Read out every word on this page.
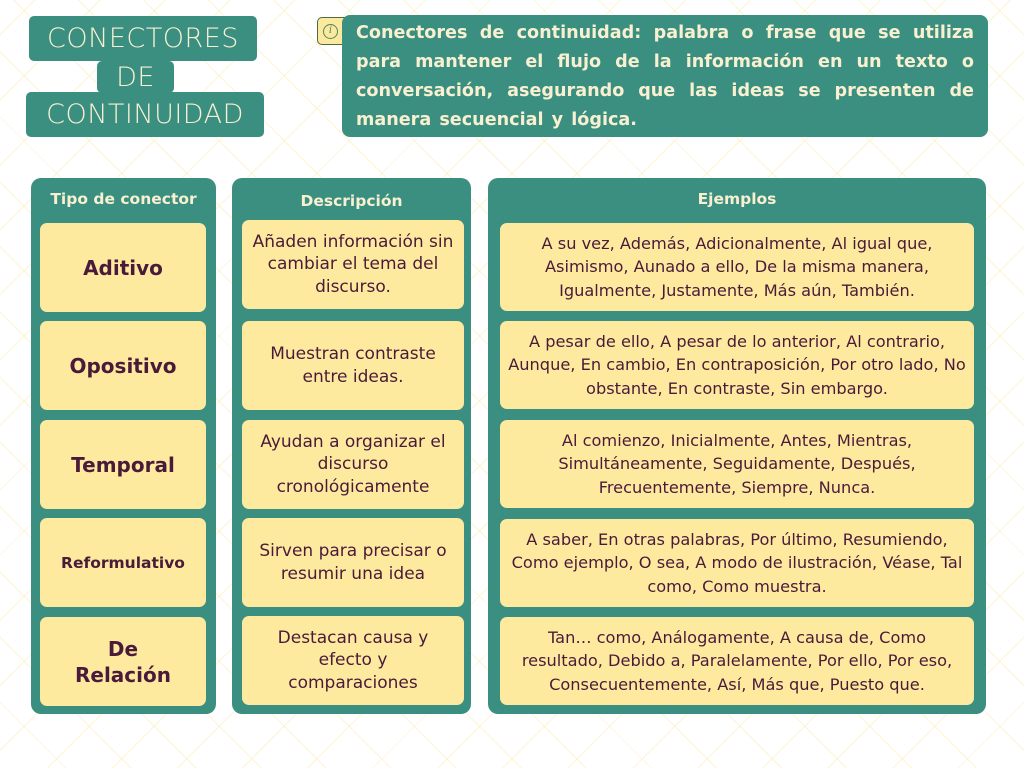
CONECTORES
DE
CONTINUIDAD
i	Conectores de continuidad: palabra o frase que se utiliza para mantener el flujo de la información en un texto o conversación, asegurando que las ideas se presenten de manera secuencial y lógica.
Tipo de conector
Aditivo
Opositivo
Temporal
Reformulativo
De Relación
Descripción
Añaden información sin cambiar el tema del discurso.
Muestran contraste entre ideas.
Ayudan a organizar el discurso cronológicamente
Sirven para precisar o resumir una idea
Destacan causa y efecto y comparaciones
Ejemplos
A su vez, Además, Adicionalmente, Al igual que, Asimismo, Aunado a ello, De la misma manera, Igualmente, Justamente, Más aún, También.
A pesar de ello, A pesar de lo anterior, Al contrario, Aunque, En cambio, En contraposición, Por otro lado, No obstante, En contraste, Sin embargo.
Al comienzo, Inicialmente, Antes, Mientras, Simultáneamente, Seguidamente, Después, Frecuentemente, Siempre, Nunca.
A saber, En otras palabras, Por último, Resumiendo, Como ejemplo, O sea, A modo de ilustración, Véase, Tal como, Como muestra.
Tan… como, Análogamente, A causa de, Como resultado, Debido a, Paralelamente, Por ello, Por eso, Consecuentemente, Así, Más que, Puesto que.
